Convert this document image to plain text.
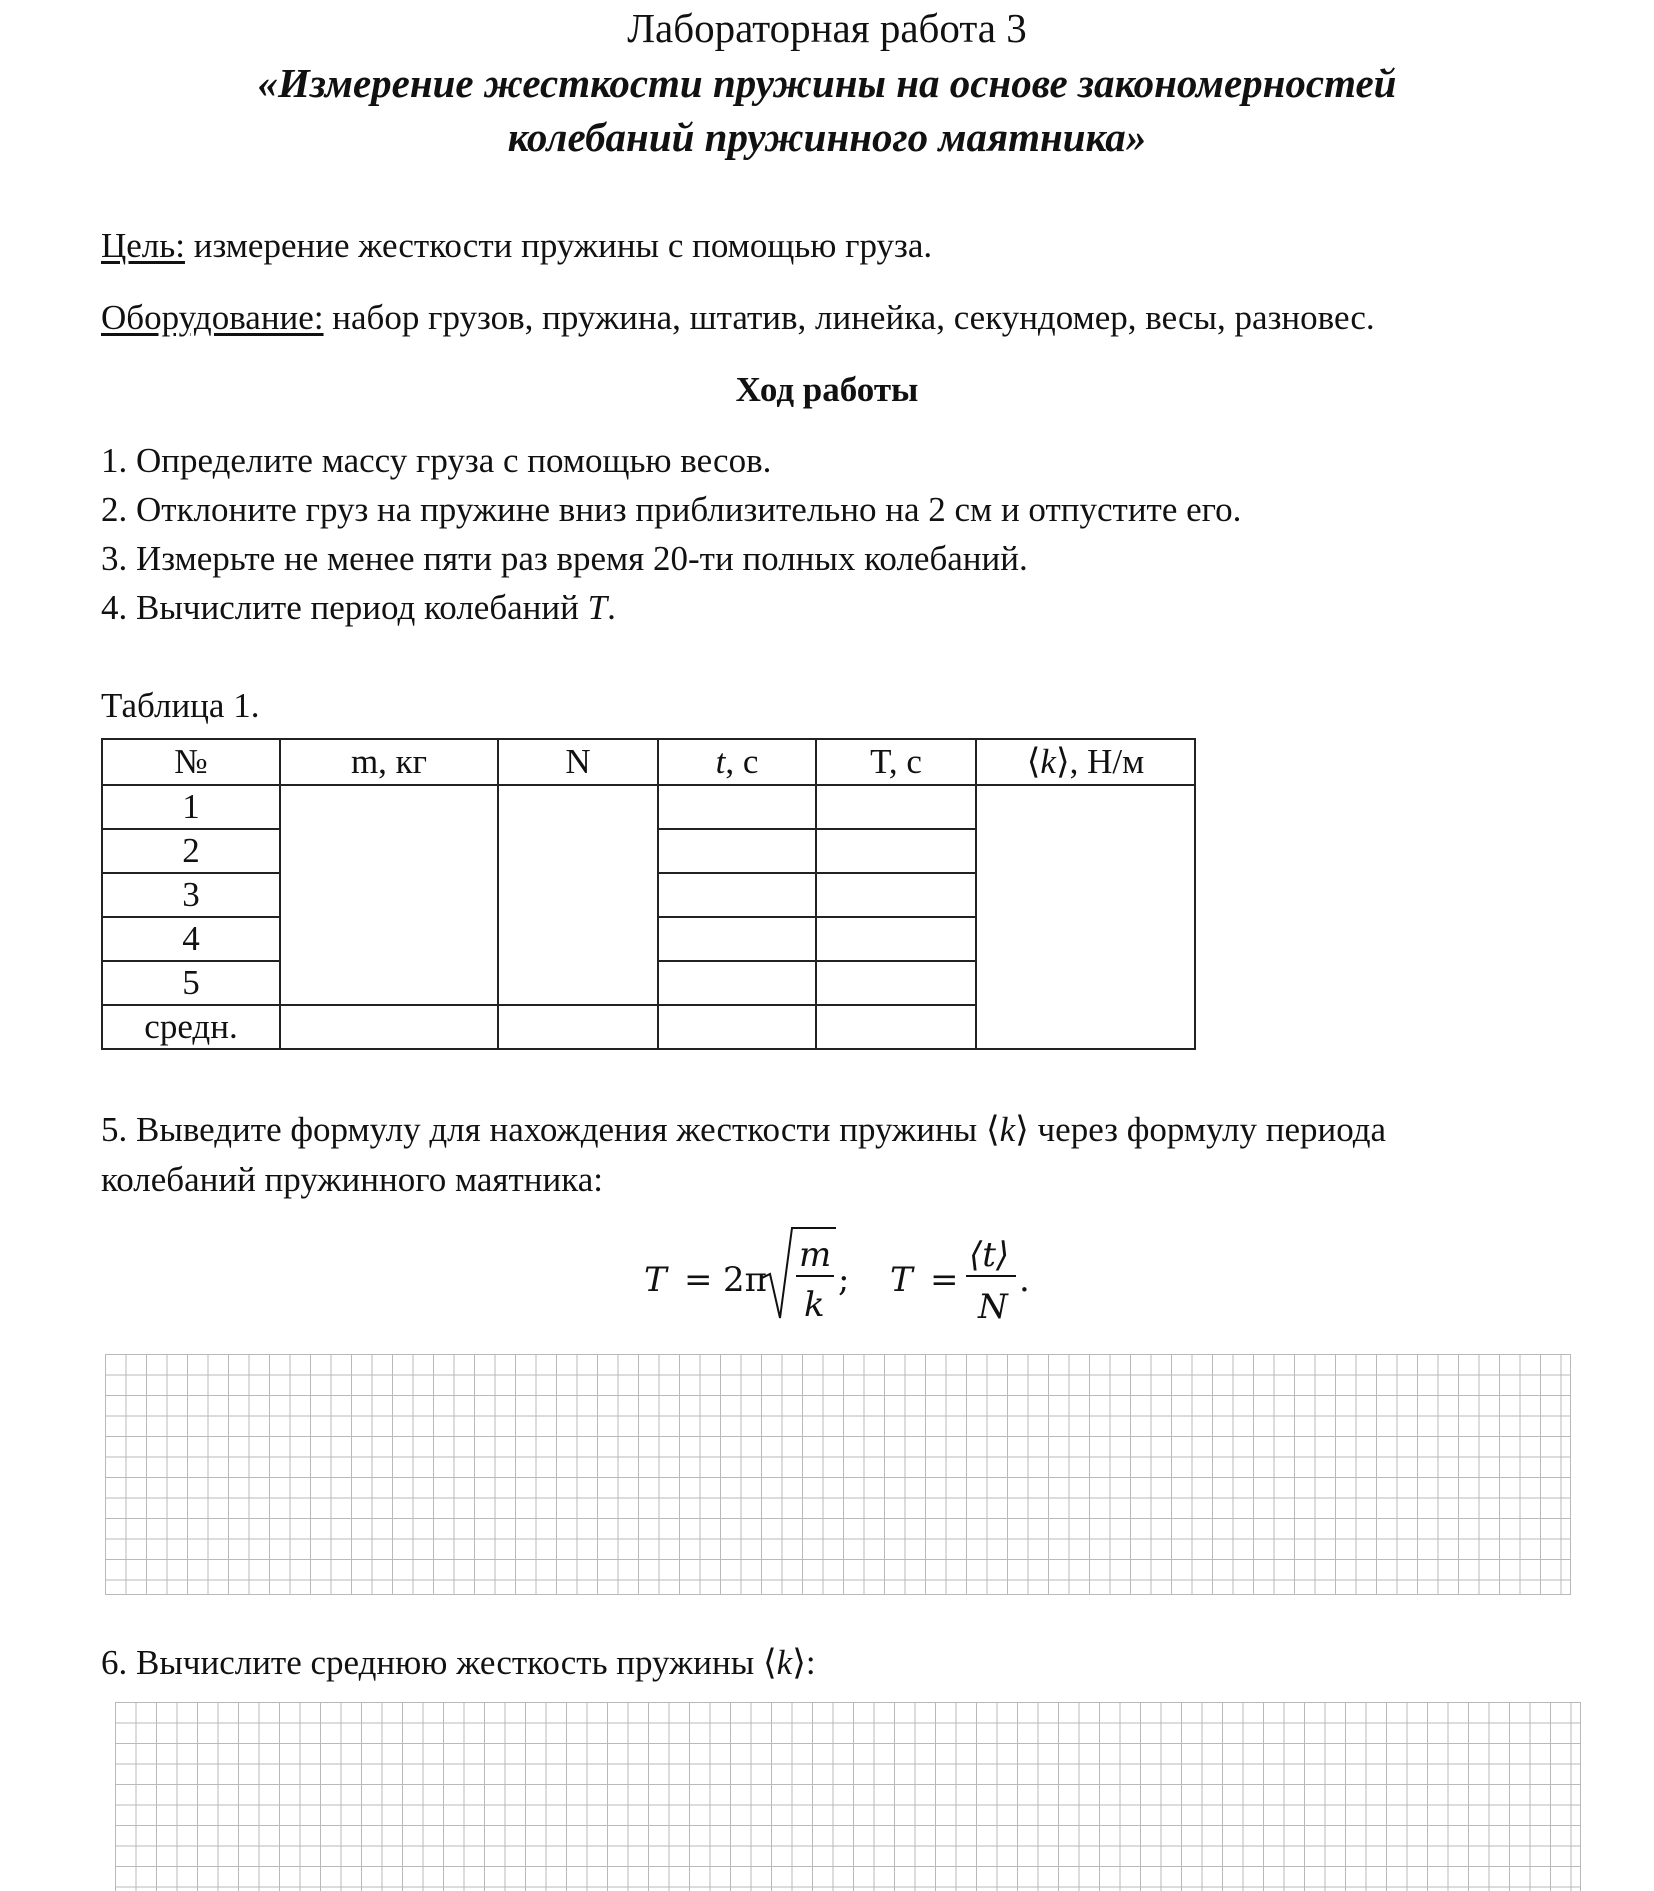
Лабораторная работа 3
«Измерение жесткости пружины на основе закономерностей
колебаний пружинного маятника»
Цель: измерение жесткости пружины с помощью груза.
Оборудование: набор грузов, пружина, штатив, линейка, секундомер, весы, разновес.
Ход работы
1. Определите массу груза с помощью весов.
2. Отклоните груз на пружине вниз приблизительно на 2 см и отпустите его.
3. Измерьте не менее пяти раз время 20-ти полных колебаний.
4. Вычислите период колебаний T.
Таблица 1.
№	m, кг	N	t, с	T, с	⟨k⟩, Н/м
1					
2					
3					
4					
5					
средн.					
5. Выведите формулу для нахождения жесткости пружины ⟨k⟩ через формулу периода
колебаний пружинного маятника:
T = 2π
m
k
; T =
⟨t⟩
N
.
6. Вычислите среднюю жесткость пружины ⟨k⟩:
